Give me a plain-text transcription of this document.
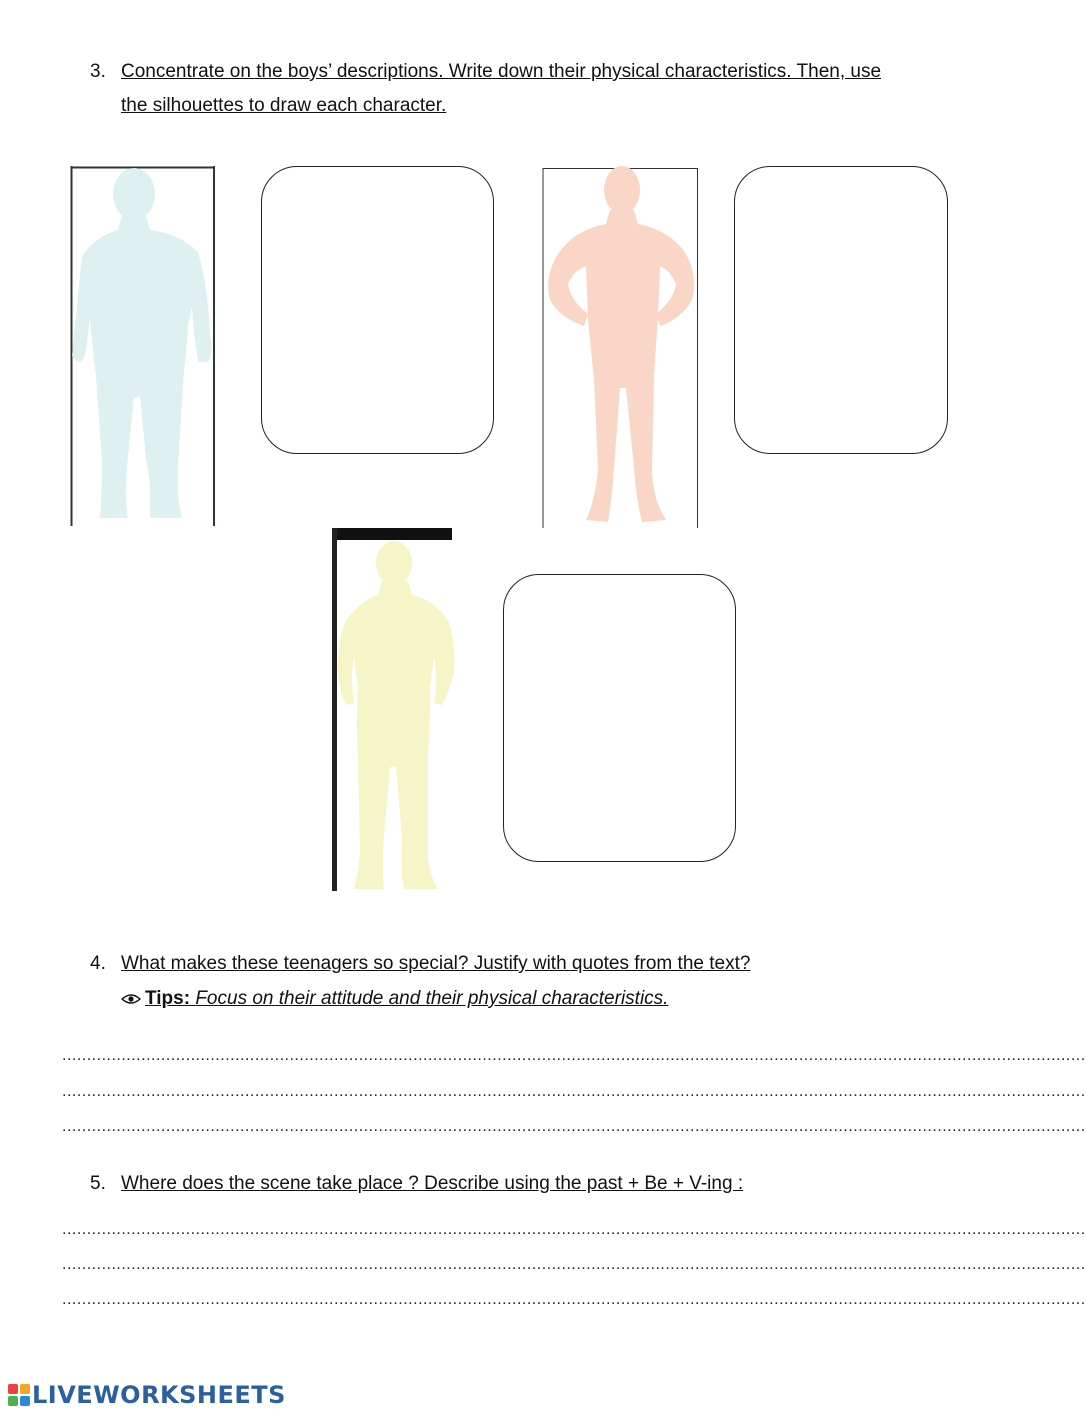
3. Concentrate on the boys’ descriptions. Write down their physical characteristics. Then, use
the silhouettes to draw each character.
4. What makes these teenagers so special? Justify with quotes from the text?
Tips: Focus on their attitude and their physical characteristics.
...............................................................................................................................................................................................................
...............................................................................................................................................................................................................
...............................................................................................................................................................................................................
5. Where does the scene take place ? Describe using the past + Be + V-ing :
...............................................................................................................................................................................................................
...............................................................................................................................................................................................................
...............................................................................................................................................................................................................
LIVEWORKSHEETS
